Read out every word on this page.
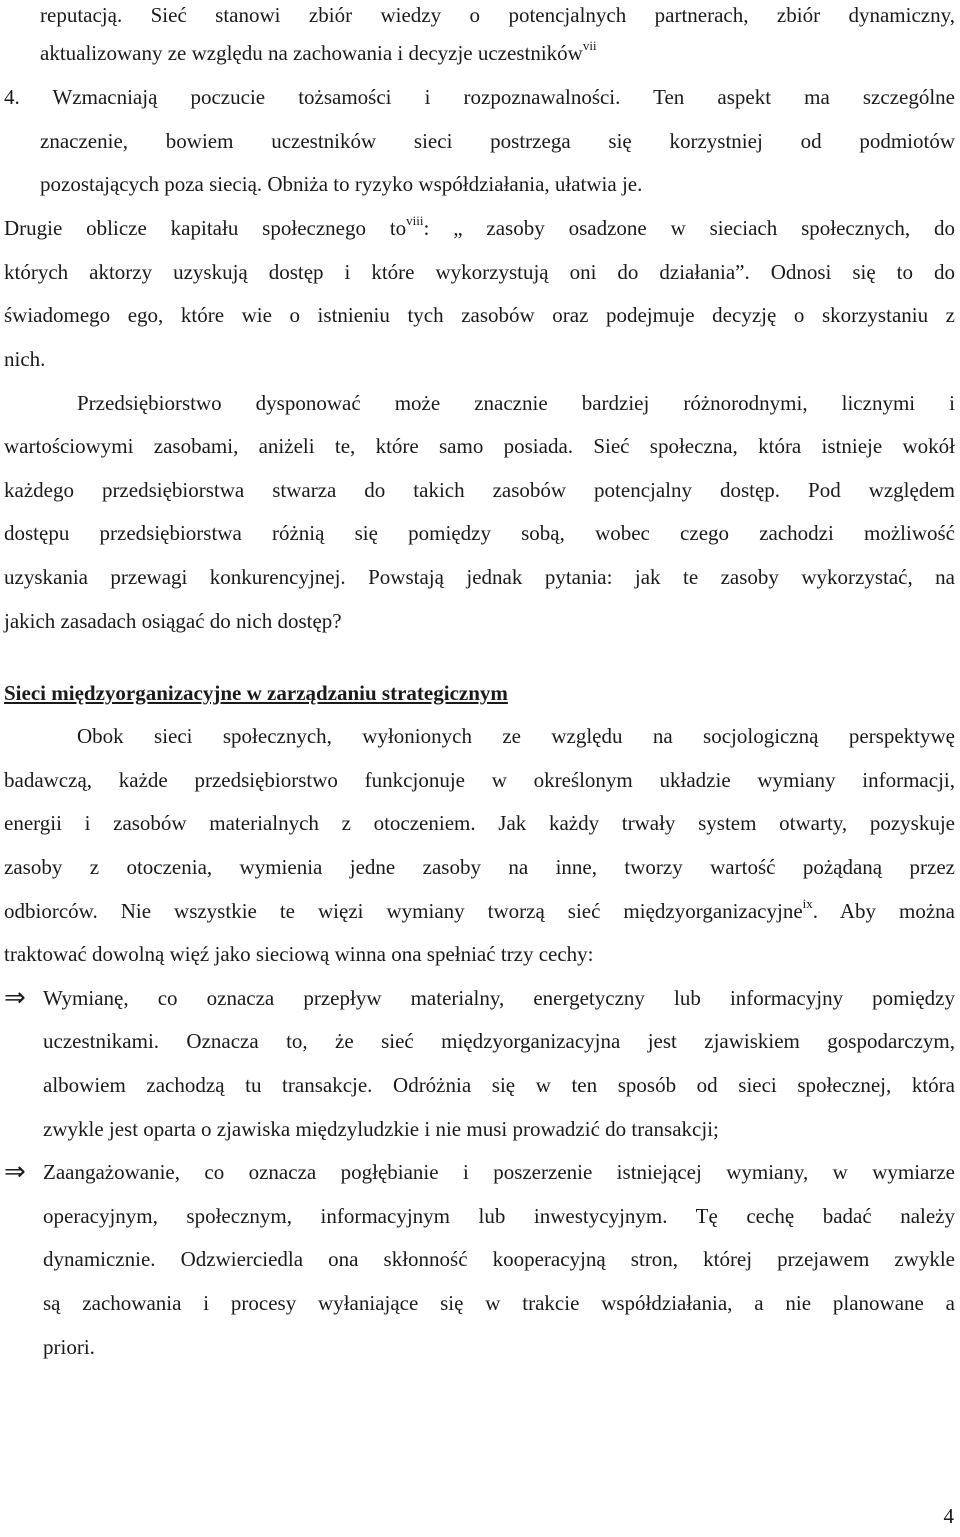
reputacją. Sieć stanowi zbiór wiedzy o potencjalnych partnerach, zbiór dynamiczny,
aktualizowany ze względu na zachowania i decyzje uczestników$^{vii}$
4. Wzmacniają poczucie tożsamości i rozpoznawalności. Ten aspekt ma szczególne
znaczenie, bowiem uczestników sieci postrzega się korzystniej od podmiotów
pozostających poza siecią. Obniża to ryzyko współdziałania, ułatwia je.
Drugie oblicze kapitału społecznego $to^{viii}$: „ zasoby osadzone w sieciach społecznych, do
których aktorzy uzyskują dostęp i które wykorzystują oni do działania”. Odnosi się to do
świadomego ego, które wie o istnieniu tych zasobów oraz podejmuje decyzję o skorzystaniu z
nich.
Przedsiębiorstwo dysponować może znacznie bardziej różnorodnymi, licznymi i
wartościowymi zasobami, aniżeli te, które samo posiada. Sieć społeczna, która istnieje wokół
każdego przedsiębiorstwa stwarza do takich zasobów potencjalny dostęp. Pod względem
dostępu przedsiębiorstwa różnią się pomiędzy sobą, wobec czego zachodzi możliwość
uzyskania przewagi konkurencyjnej. Powstają jednak pytania: jak te zasoby wykorzystać, na
jakich zasadach osiągać do nich dostęp?
Sieci międzyorganizacyjne w zarządzaniu strategicznym
Obok sieci społecznych, wyłonionych ze względu na socjologiczną perspektywę
badawczą, każde przedsiębiorstwo funkcjonuje w określonym układzie wymiany informacji,
energii i zasobów materialnych z otoczeniem. Jak każdy trwały system otwarty, pozyskuje
zasoby z otoczenia, wymienia jedne zasoby na inne, tworzy wartość pożądaną przez
odbiorców. Nie wszystkie te więzi wymiany tworzą sieć międzyorganizacyjne$^{ix}$. Aby można
traktować dowolną więź jako sieciową winna ona spełniać trzy cechy:
⇒ Wymianę, co oznacza przepływ materialny, energetyczny lub informacyjny pomiędzy
uczestnikami. Oznacza to, że sieć międzyorganizacyjna jest zjawiskiem gospodarczym,
albowiem zachodzą tu transakcje. Odróżnia się w ten sposób od sieci społecznej, która
zwykle jest oparta o zjawiska międzyludzkie i nie musi prowadzić do transakcji;
⇒ Zaangażowanie, co oznacza pogłębianie i poszerzenie istniejącej wymiany, w wymiarze
operacyjnym, społecznym, informacyjnym lub inwestycyjnym. Tę cechę badać należy
dynamicznie. Odzwierciedla ona skłonność kooperacyjną stron, której przejawem zwykle
są zachowania i procesy wyłaniające się w trakcie współdziałania, a nie planowane a
priori.
4
